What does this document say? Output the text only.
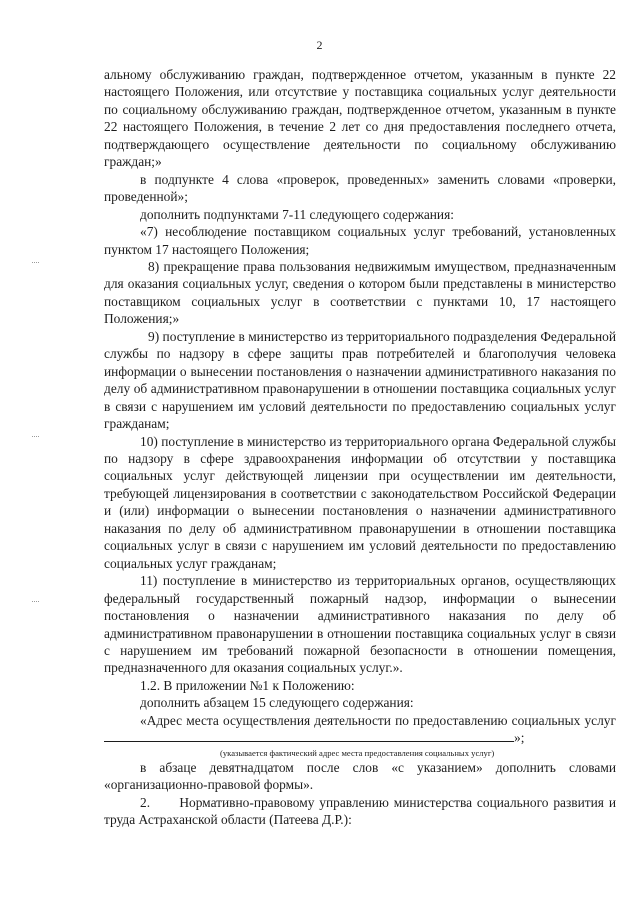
2

альному обслуживанию граждан, подтвержденное отчетом, указанным в пункте 22 настоящего Положения, или отсутствие у поставщика социальных услуг деятельности по социальному обслуживанию граждан, подтвержденное отчетом, указанным в пункте 22 настоящего Положения, в течение 2 лет со дня предоставления последнего отчета, подтверждающего осуществление деятельности по социальному обслуживанию граждан;»

в подпункте 4 слова «проверок, проведенных» заменить словами «проверки, проведенной»;

дополнить подпунктами 7-11 следующего содержания:

«7) несоблюдение поставщиком социальных услуг требований, установленных пунктом 17 настоящего Положения;

8) прекращение права пользования недвижимым имуществом, предназначенным для оказания социальных услуг, сведения о котором были представлены в министерство поставщиком социальных услуг в соответствии с пунктами 10, 17 настоящего Положения;»

9) поступление в министерство из территориального подразделения Федеральной службы по надзору в сфере защиты прав потребителей и благополучия человека информации о вынесении постановления о назначении административного наказания по делу об административном правонарушении в отношении поставщика социальных услуг в связи с нарушением им условий деятельности по предоставлению социальных услуг гражданам;

10) поступление в министерство из территориального органа Федеральной службы по надзору в сфере здравоохранения информации об отсутствии у поставщика социальных услуг действующей лицензии при осуществлении им деятельности, требующей лицензирования в соответствии с законодательством Российской Федерации и (или) информации о вынесении постановления о назначении административного наказания по делу об административном правонарушении в отношении поставщика социальных услуг в связи с нарушением им условий деятельности по предоставлению социальных услуг гражданам;

11) поступление в министерство из территориальных органов, осуществляющих федеральный государственный пожарный надзор, информации о вынесении постановления о назначении административного наказания по делу об административном правонарушении в отношении поставщика социальных услуг в связи с нарушением им требований пожарной безопасности в отношении помещения, предназначенного для оказания социальных услуг.».

1.2. В приложении №1 к Положению:

дополнить абзацем 15 следующего содержания:

«Адрес места осуществления деятельности по предоставлению социальных услуг»;

(указывается фактический адрес места предоставления социальных услуг)

в абзаце девятнадцатом после слов «с указанием» дополнить словами «организационно-правовой формы».

2.      Нормативно-правовому управлению министерства социального развития и труда Астраханской области (Патеева Д.Р.):
